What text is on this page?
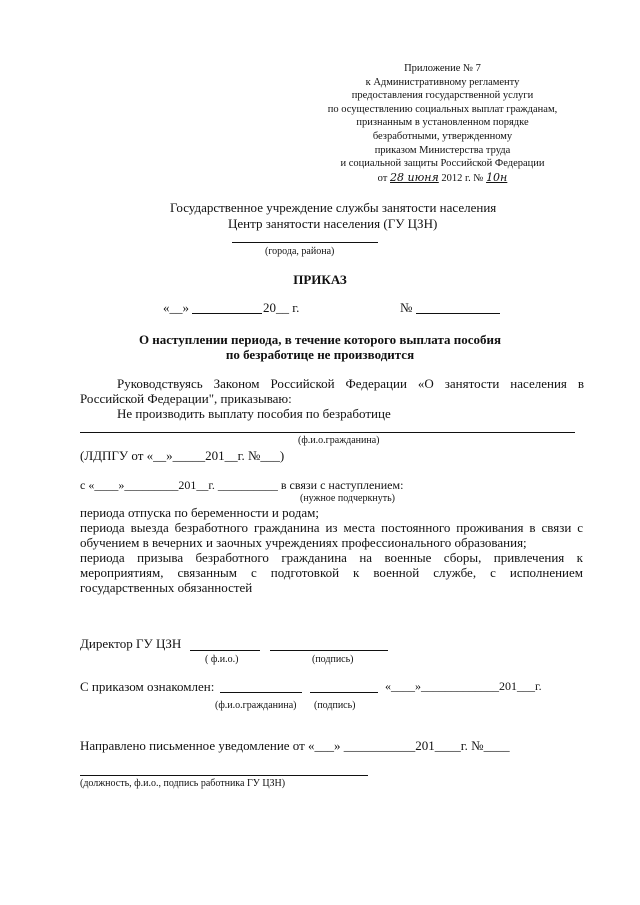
Приложение № 7
к Административному регламенту
предоставления государственной услуги
по осуществлению социальных выплат гражданам,
признанным в установленном порядке
безработными, утвержденному
приказом Министерства труда
и социальной защиты Российской Федерации
от 28 июня 2012 г. № 10н
Государственное учреждение службы занятости населения
Центр занятости населения (ГУ ЦЗН)
(города, района)
ПРИКАЗ
«__»	20__ г.	№
О наступлении периода, в течение которого выплата пособия
по безработице не производится
Руководствуясь Законом Российской Федерации «О занятости населения в
Российской Федерации", приказываю:
Не производить выплату пособия по безработице
(ф.и.о.гражданина)
(ЛДПГУ от «__»_____201__г. №___)
с «____»_________201__г. __________ в связи с наступлением:
(нужное подчеркнуть)
периода отпуска по беременности и родам;
периода выезда безработного гражданина из места постоянного проживания в связи с
обучением в вечерних и заочных учреждениях профессионального образования;
периода призыва безработного гражданина на военные сборы, привлечения к
мероприятиям, связанным с подготовкой к военной службе, с исполнением
государственных обязанностей
Директор ГУ ЦЗН
( ф.и.о.)	(подпись)
С приказом ознакомлен:	«____»_____________201___г.
(ф.и.о.гражданина) (подпись)
Направлено письменное уведомление от «___» ___________201____г. №____
(должность, ф.и.о., подпись работника ГУ ЦЗН)
